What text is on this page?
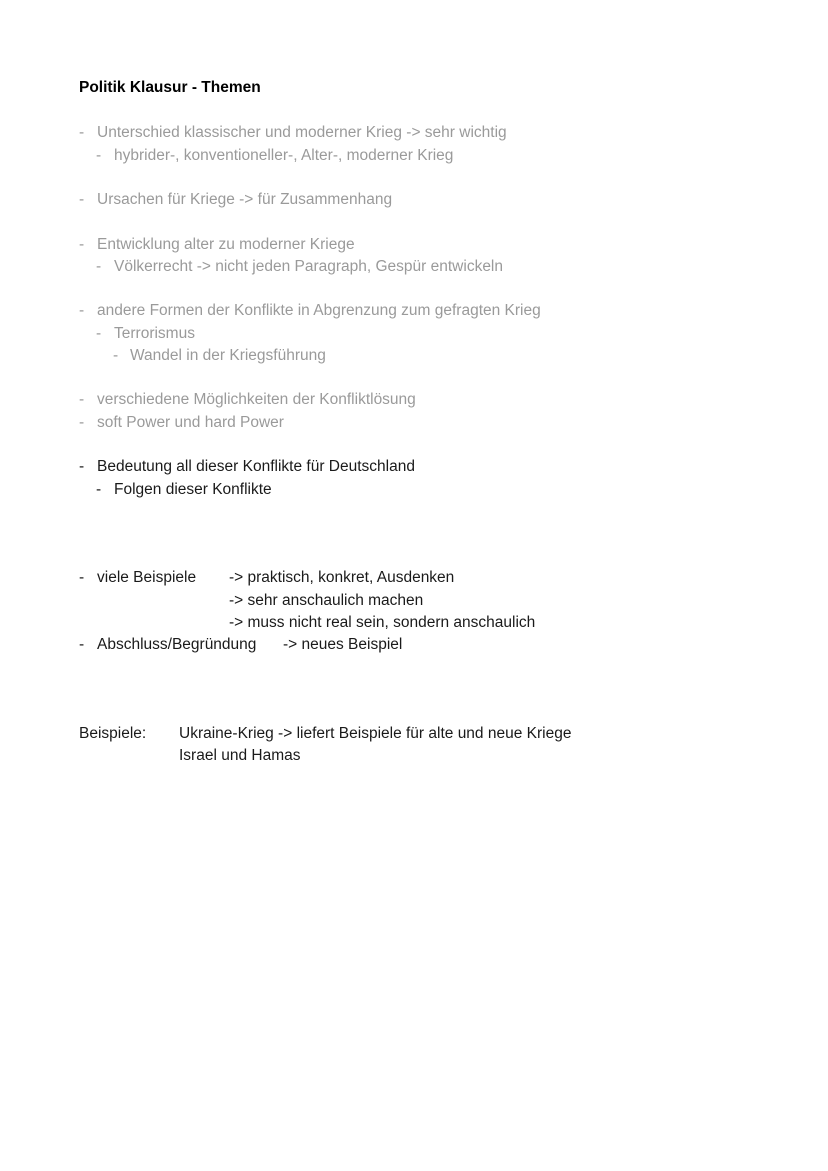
Politik Klausur - Themen
- Unterschied klassischer und moderner Krieg -> sehr wichtig
- hybrider-, konventioneller-, Alter-, moderner Krieg
- Ursachen für Kriege -> für Zusammenhang
- Entwicklung alter zu moderner Kriege
- Völkerrecht -> nicht jeden Paragraph, Gespür entwickeln
- andere Formen der Konflikte in Abgrenzung zum gefragten Krieg
- Terrorismus
- Wandel in der Kriegsführung
- verschiedene Möglichkeiten der Konfliktlösung
- soft Power und hard Power
- Bedeutung all dieser Konflikte für Deutschland
- Folgen dieser Konflikte
- viele Beispiele -> praktisch, konkret, Ausdenken
-> sehr anschaulich machen
-> muss nicht real sein, sondern anschaulich
- Abschluss/Begründung -> neues Beispiel
Beispiele: Ukraine-Krieg -> liefert Beispiele für alte und neue Kriege
Israel und Hamas
